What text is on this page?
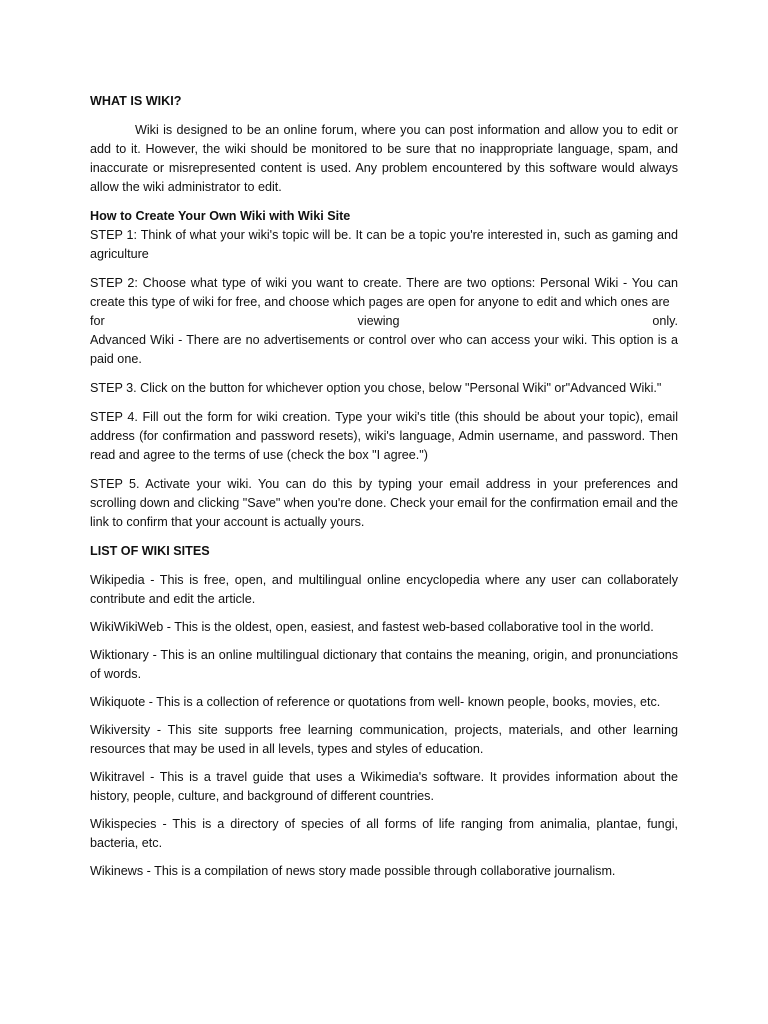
WHAT IS WIKI?

Wiki is designed to be an online forum, where you can post information and allow you to edit or add to it. However, the wiki should be monitored to be sure that no inappropriate language, spam, and inaccurate or misrepresented content is used. Any problem encountered by this software would always allow the wiki administrator to edit.

How to Create Your Own Wiki with Wiki Site

STEP 1: Think of what your wiki's topic will be. It can be a topic you're interested in, such as gaming and agriculture

STEP 2: Choose what type of wiki you want to create. There are two options: Personal Wiki - You can create this type of wiki for free, and choose which pages are open for anyone to edit and which ones are

for	viewing	only.

Advanced Wiki - There are no advertisements or control over who can access your wiki. This option is a paid one.

STEP 3. Click on the button for whichever option you chose, below "Personal Wiki" or"Advanced Wiki."

STEP 4. Fill out the form for wiki creation. Type your wiki's title (this should be about your topic), email address (for confirmation and password resets), wiki's language, Admin username, and password. Then read and agree to the terms of use (check the box "I agree.")

STEP 5. Activate your wiki. You can do this by typing your email address in your preferences and scrolling down and clicking "Save" when you're done. Check your email for the confirmation email and the link to confirm that your account is actually yours.

LIST OF WIKI SITES

Wikipedia - This is free, open, and multilingual online encyclopedia where any user can collaborately contribute and edit the article.

WikiWikiWeb - This is the oldest, open, easiest, and fastest web-based collaborative tool in the world.

Wiktionary - This is an online multilingual dictionary that contains the meaning, origin, and pronunciations of words.

Wikiquote - This is a collection of reference or quotations from well- known people, books, movies, etc.

Wikiversity - This site supports free learning communication, projects, materials, and other learning resources that may be used in all levels, types and styles of education.

Wikitravel - This is a travel guide that uses a Wikimedia's software. It provides information about the history, people, culture, and background of different countries.

Wikispecies - This is a directory of species of all forms of life ranging from animalia, plantae, fungi, bacteria, etc.

Wikinews - This is a compilation of news story made possible through collaborative journalism.
